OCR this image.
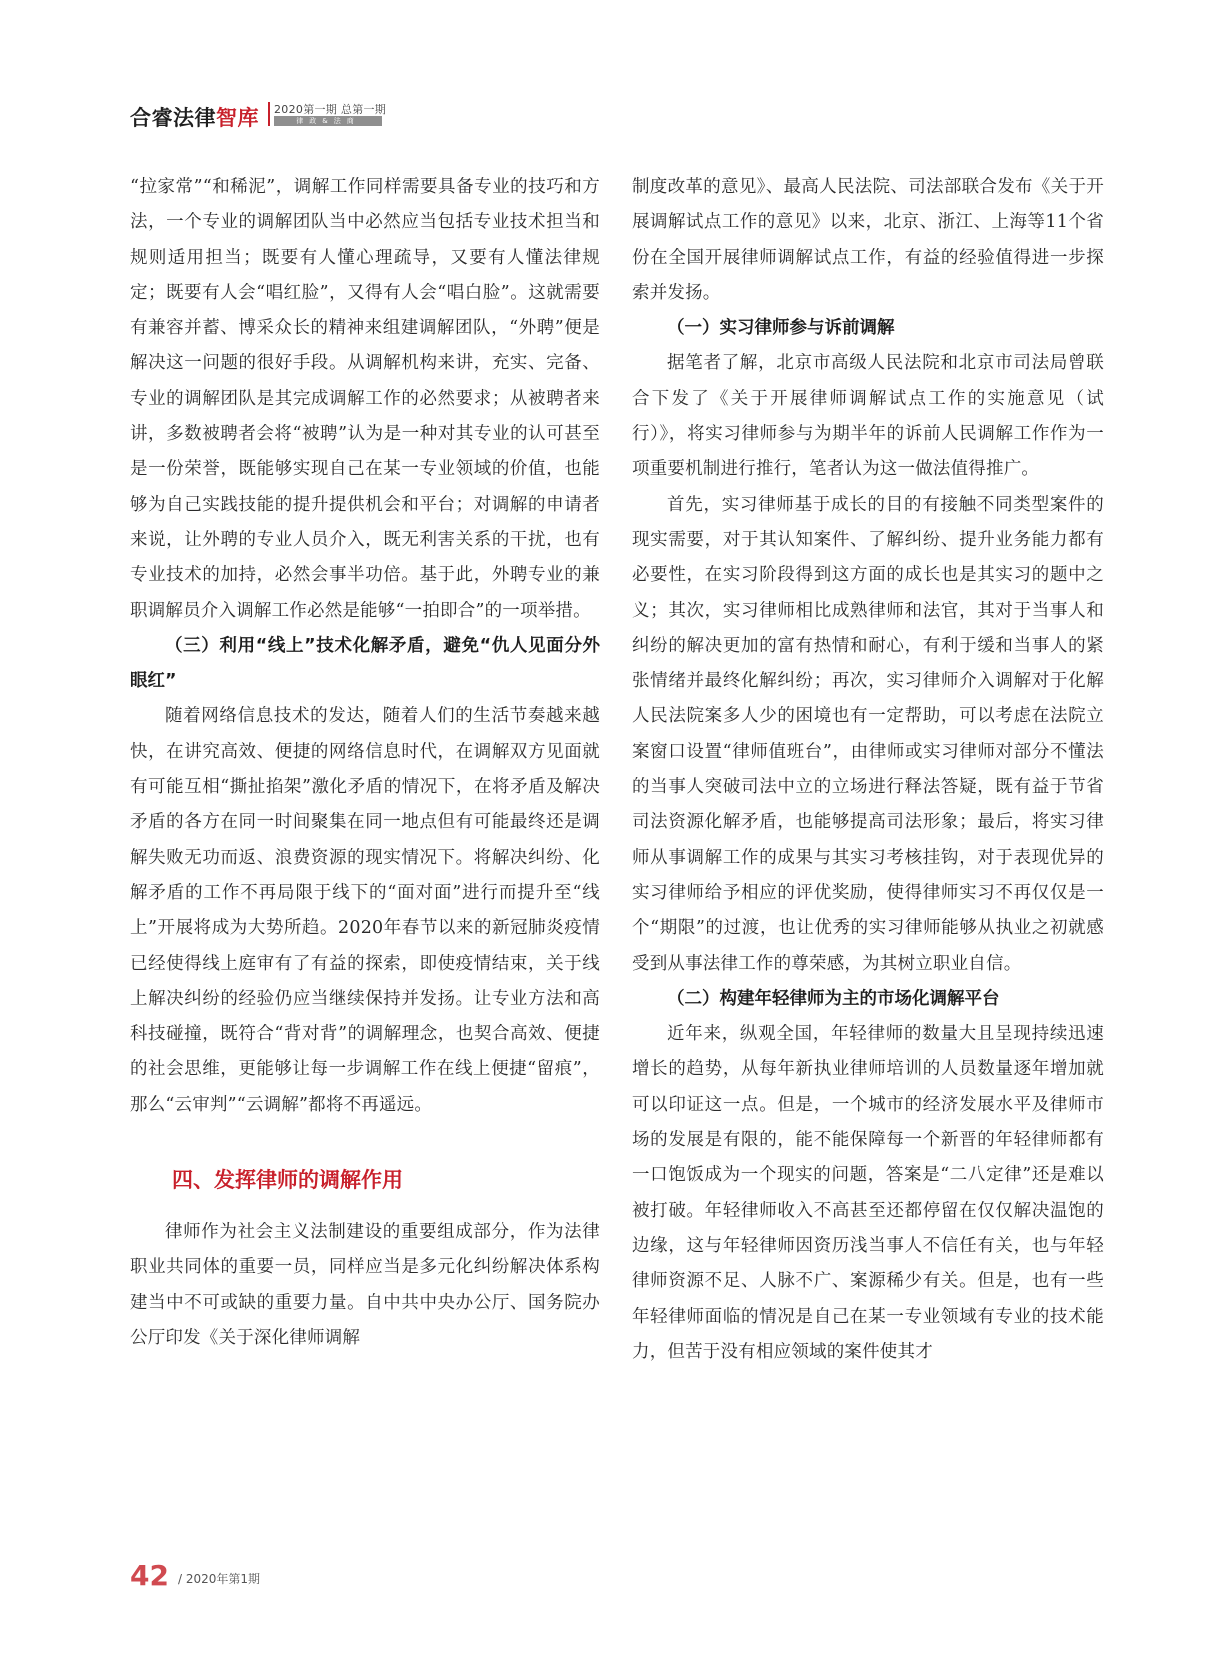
合睿法律智库 2020第一期 总第一期
律政&法商

“拉家常”“和稀泥”，调解工作同样需要具备专业的技巧和方法，一个专业的调解团队当中必然应当包括专业技术担当和规则适用担当；既要有人懂心理疏导，又要有人懂法律规定；既要有人会“唱红脸”，又得有人会“唱白脸”。这就需要有兼容并蓄、博采众长的精神来组建调解团队，“外聘”便是解决这一问题的很好手段。从调解机构来讲，充实、完备、专业的调解团队是其完成调解工作的必然要求；从被聘者来讲，多数被聘者会将“被聘”认为是一种对其专业的认可甚至是一份荣誉，既能够实现自己在某一专业领域的价值，也能够为自己实践技能的提升提供机会和平台；对调解的申请者来说，让外聘的专业人员介入，既无利害关系的干扰，也有专业技术的加持，必然会事半功倍。基于此，外聘专业的兼职调解员介入调解工作必然是能够“一拍即合”的一项举措。

（三）利用“线上”技术化解矛盾，避免“仇人见面分外眼红”

随着网络信息技术的发达，随着人们的生活节奏越来越快，在讲究高效、便捷的网络信息时代，在调解双方见面就有可能互相“撕扯掐架”激化矛盾的情况下，在将矛盾及解决矛盾的各方在同一时间聚集在同一地点但有可能最终还是调解失败无功而返、浪费资源的现实情况下。将解决纠纷、化解矛盾的工作不再局限于线下的“面对面”进行而提升至“线上”开展将成为大势所趋。2020年春节以来的新冠肺炎疫情已经使得线上庭审有了有益的探索，即使疫情结束，关于线上解决纠纷的经验仍应当继续保持并发扬。让专业方法和高科技碰撞，既符合“背对背”的调解理念，也契合高效、便捷的社会思维，更能够让每一步调解工作在线上便捷“留痕”，那么“云审判”“云调解”都将不再遥远。

四、发挥律师的调解作用

律师作为社会主义法制建设的重要组成部分，作为法律职业共同体的重要一员，同样应当是多元化纠纷解决体系构建当中不可或缺的重要力量。自中共中央办公厅、国务院办公厅印发《关于深化律师调解

制度改革的意见》、最高人民法院、司法部联合发布《关于开展调解试点工作的意见》以来，北京、浙江、上海等11个省份在全国开展律师调解试点工作，有益的经验值得进一步探索并发扬。

（一）实习律师参与诉前调解

据笔者了解，北京市高级人民法院和北京市司法局曾联合下发了《关于开展律师调解试点工作的实施意见（试行）》，将实习律师参与为期半年的诉前人民调解工作作为一项重要机制进行推行，笔者认为这一做法值得推广。

首先，实习律师基于成长的目的有接触不同类型案件的现实需要，对于其认知案件、了解纠纷、提升业务能力都有必要性，在实习阶段得到这方面的成长也是其实习的题中之义；其次，实习律师相比成熟律师和法官，其对于当事人和纠纷的解决更加的富有热情和耐心，有利于缓和当事人的紧张情绪并最终化解纠纷；再次，实习律师介入调解对于化解人民法院案多人少的困境也有一定帮助，可以考虑在法院立案窗口设置“律师值班台”，由律师或实习律师对部分不懂法的当事人突破司法中立的立场进行释法答疑，既有益于节省司法资源化解矛盾，也能够提高司法形象；最后，将实习律师从事调解工作的成果与其实习考核挂钩，对于表现优异的实习律师给予相应的评优奖励，使得律师实习不再仅仅是一个“期限”的过渡，也让优秀的实习律师能够从执业之初就感受到从事法律工作的尊荣感，为其树立职业自信。

（二）构建年轻律师为主的市场化调解平台

近年来，纵观全国，年轻律师的数量大且呈现持续迅速增长的趋势，从每年新执业律师培训的人员数量逐年增加就可以印证这一点。但是，一个城市的经济发展水平及律师市场的发展是有限的，能不能保障每一个新晋的年轻律师都有一口饱饭成为一个现实的问题，答案是“二八定律”还是难以被打破。年轻律师收入不高甚至还都停留在仅仅解决温饱的边缘，这与年轻律师因资历浅当事人不信任有关，也与年轻律师资源不足、人脉不广、案源稀少有关。但是，也有一些年轻律师面临的情况是自己在某一专业领域有专业的技术能力，但苦于没有相应领域的案件使其才

42 / 2020年第1期
